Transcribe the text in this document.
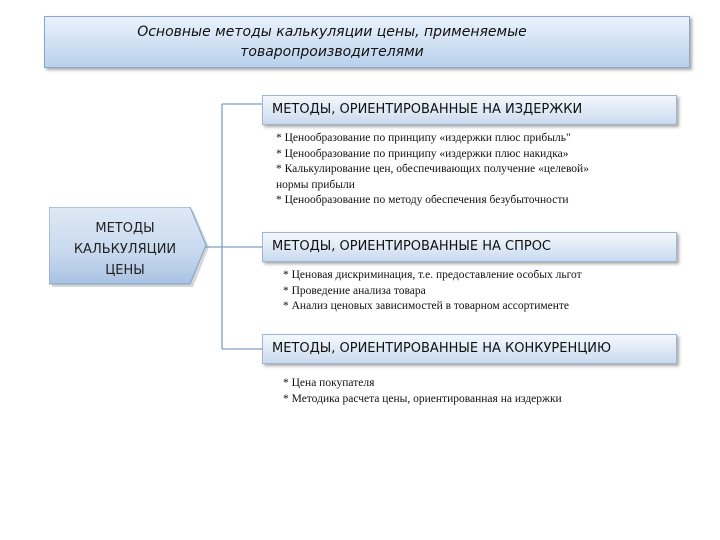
Основные методы калькуляции цены, применяемые товаропроизводителями
МЕТОДЫ
КАЛЬКУЛЯЦИИ
ЦЕНЫ
МЕТОДЫ, ОРИЕНТИРОВАННЫЕ НА ИЗДЕРЖКИ
* Ценообразование по принципу «издержки плюс прибыль"
* Ценообразование по принципу «издержки плюс накидка»
* Калькулирование цен, обеспечивающих получение «целевой»
нормы прибыли
* Ценообразование по методу обеспечения безубыточности
МЕТОДЫ, ОРИЕНТИРОВАННЫЕ НА СПРОС
* Ценовая дискриминация, т.е. предоставление особых льгот
* Проведение анализа товара
* Анализ ценовых зависимостей в товарном ассортименте
МЕТОДЫ, ОРИЕНТИРОВАННЫЕ НА КОНКУРЕНЦИЮ
* Цена покупателя
* Методика расчета цены, ориентированная на издержки
